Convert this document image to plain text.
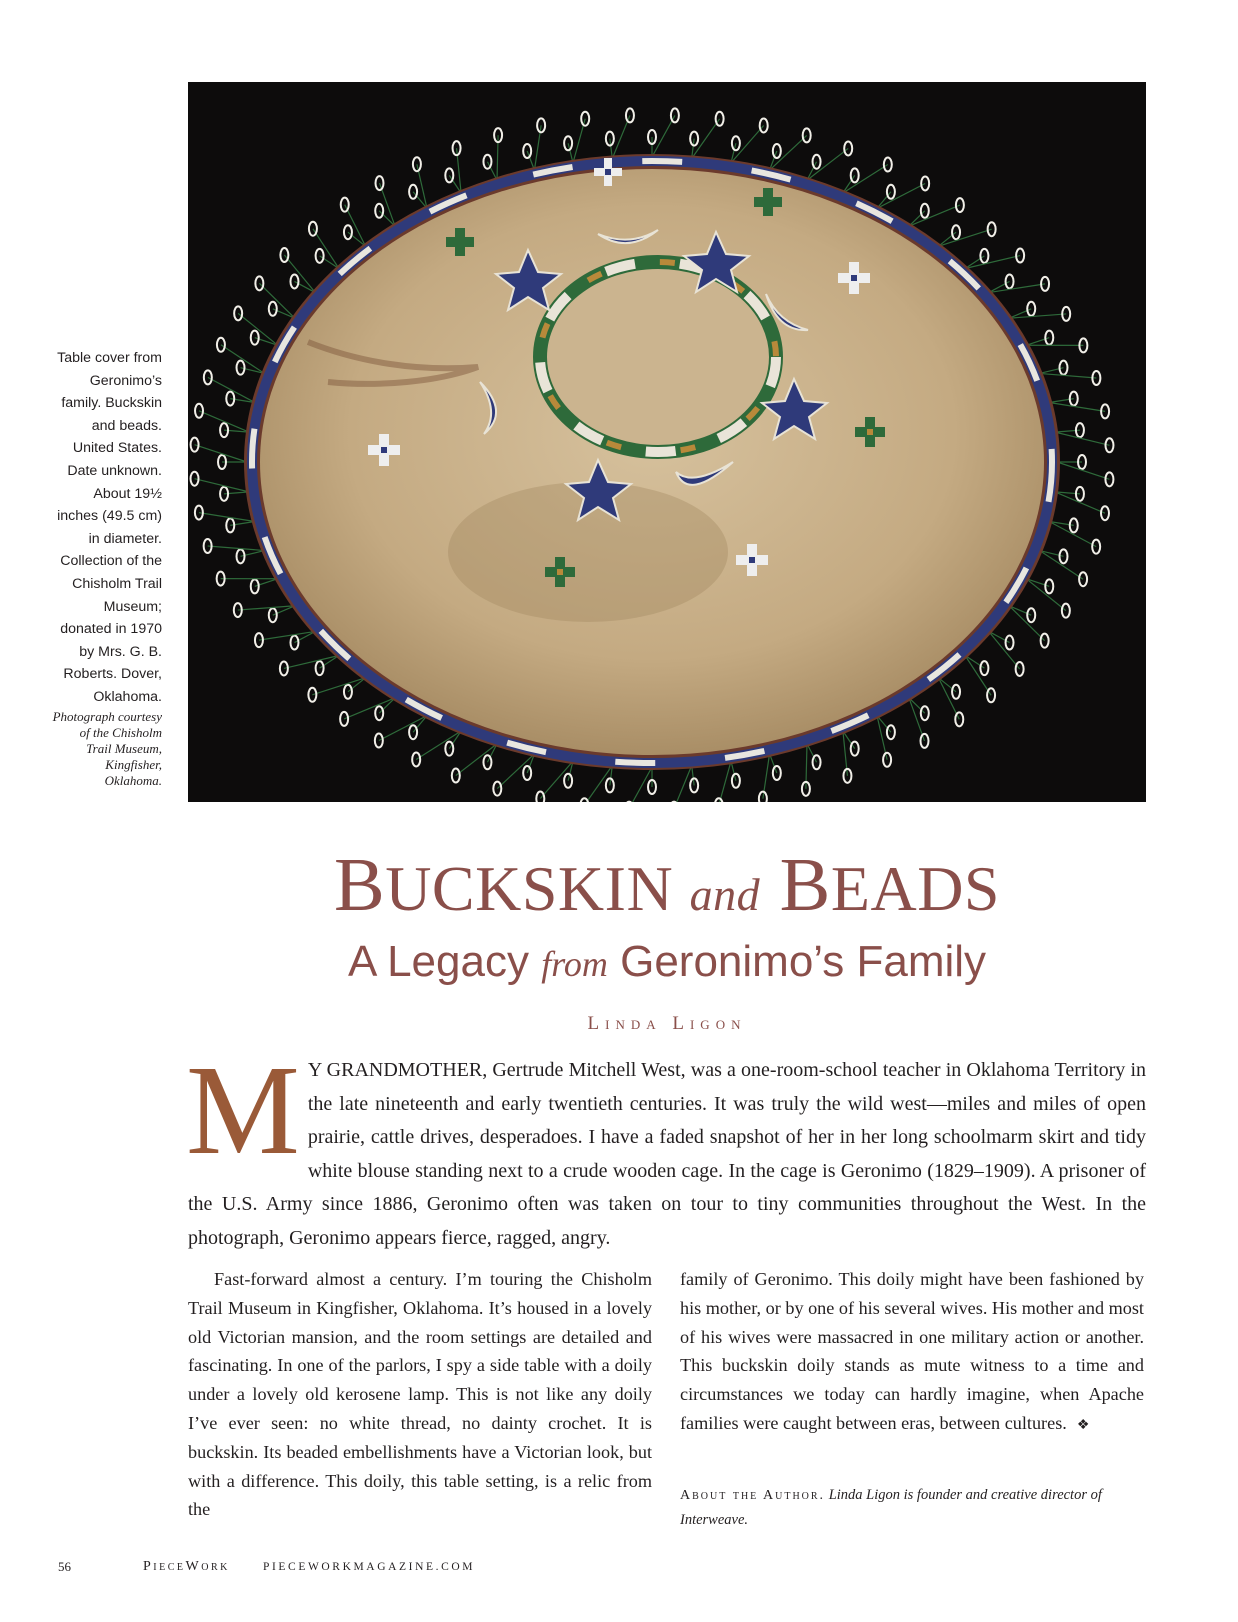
Table cover from
Geronimo’s
family. Buckskin
and beads.
United States.
Date unknown.
About 19½
inches (49.5 cm)
in diameter.
Collection of the
Chisholm Trail
Museum;
donated in 1970
by Mrs. G. B.
Roberts. Dover,
Oklahoma.
Photograph courtesy
of the Chisholm
Trail Museum,
Kingfisher,
Oklahoma.
BUCKSKIN and BEADS
A Legacy from Geronimo’s Family
Linda Ligon
M Y GRANDMOTHER, Gertrude Mitchell West, was a one-room-school teacher in Oklahoma Territory in the late nineteenth and early twentieth centuries. It was truly the wild west—miles and miles of open prairie, cattle drives, desperadoes. I have a faded snapshot of her in her long schoolmarm skirt and tidy white blouse standing next to a crude wooden cage. In the cage is Geronimo (1829–1909). A prisoner of the U.S. Army since 1886, Geronimo often was taken on tour to tiny communities throughout the West. In the photograph, Geronimo appears fierce, ragged, angry.
Fast-forward almost a century. I’m touring the Chisholm Trail Museum in Kingfisher, Oklahoma. It’s housed in a lovely old Victorian mansion, and the room settings are detailed and fascinating. In one of the parlors, I spy a side table with a doily under a lovely old kerosene lamp. This is not like any doily I’ve ever seen: no white thread, no dainty crochet. It is buckskin. Its beaded embellishments have a Victorian look, but with a difference. This doily, this table setting, is a relic from the
family of Geronimo. This doily might have been fashioned by his mother, or by one of his several wives. His mother and most of his wives were massacred in one military action or another. This buckskin doily stands as mute witness to a time and circumstances we today can hardly imagine, when Apache families were caught between eras, between cultures. ❖
About the Author. Linda Ligon is founder and creative director of Interweave.
56	PieceWork	PIECEWORKMAGAZINE.COM
